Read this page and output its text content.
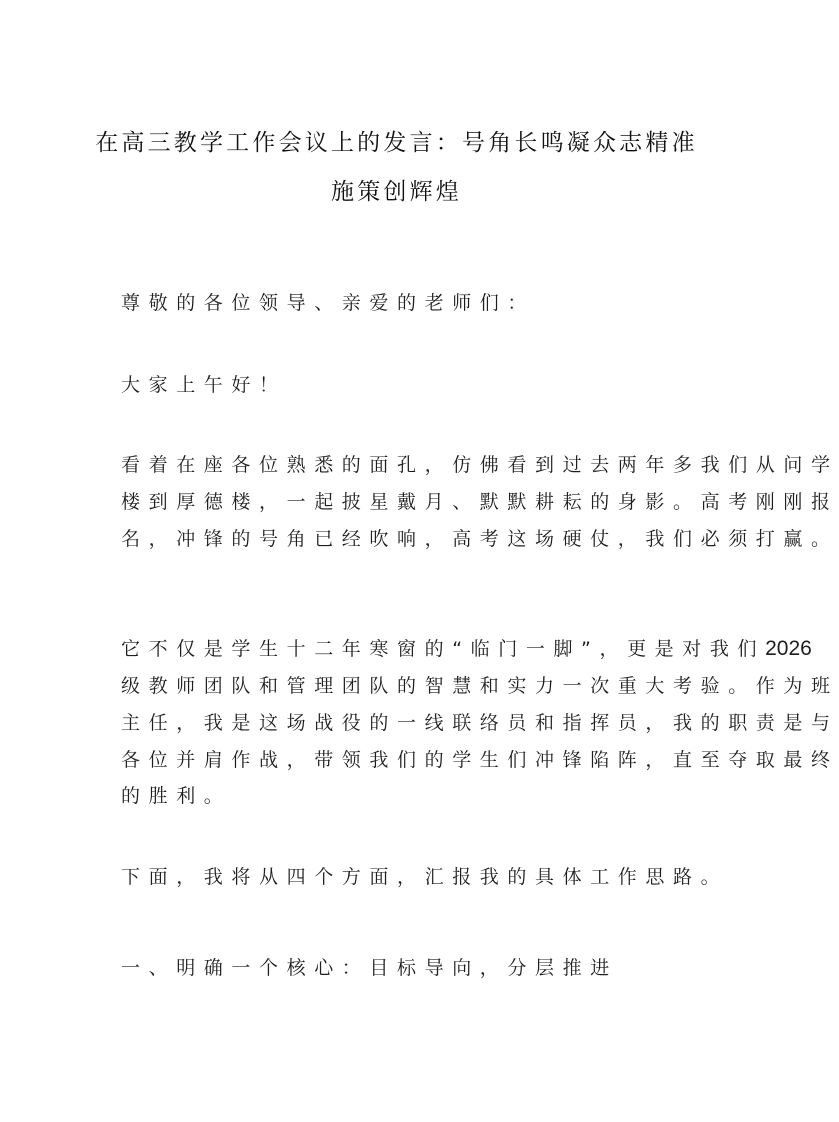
在高三教学工作会议上的发言：号角长鸣凝众志精准
施策创辉煌
尊敬的各位领导、亲爱的老师们：
大家上午好！
看着在座各位熟悉的面孔，仿佛看到过去两年多我们从问学
楼到厚德楼，一起披星戴月、默默耕耘的身影。高考刚刚报
名，冲锋的号角已经吹响，高考这场硬仗，我们必须打赢。
它不仅是学生十二年寒窗的“临门一脚”，更是对我们2026
级教师团队和管理团队的智慧和实力一次重大考验。作为班
主任，我是这场战役的一线联络员和指挥员，我的职责是与
各位并肩作战，带领我们的学生们冲锋陷阵，直至夺取最终
的胜利。
下面，我将从四个方面，汇报我的具体工作思路。
一、明确一个核心：目标导向，分层推进
